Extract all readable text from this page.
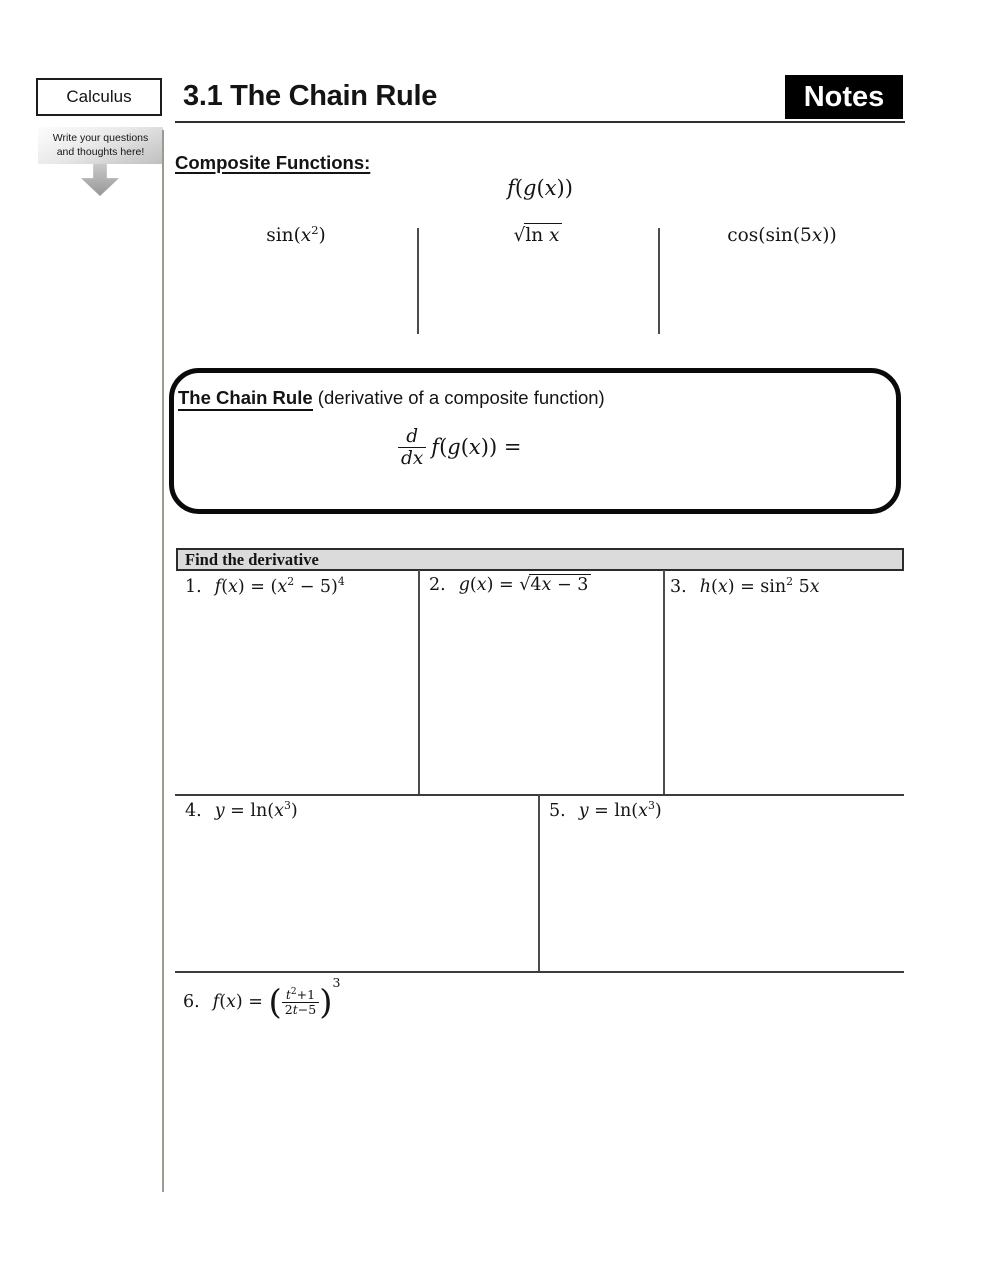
Calculus 3.1 The Chain Rule	Notes
Write your questions
and thoughts here!
Composite Functions:
f(g(x))
$\sin(x^2)$	√ln x	cos(sin(5x))
The Chain Rule (derivative of a composite function)
$\frac{d}{dx} f(g(x))$ =
Find the derivative
1. $f(x) = (x^2 - 5)^4$	2. g(x) = √4x − 3	3. $h(x) = \sin^2 5x$
4. $y = \ln(x^3)$	5. $y = \ln(x^3)$
6. f(x) = ( $\frac{t^2+1}{2t-5} )^3$
